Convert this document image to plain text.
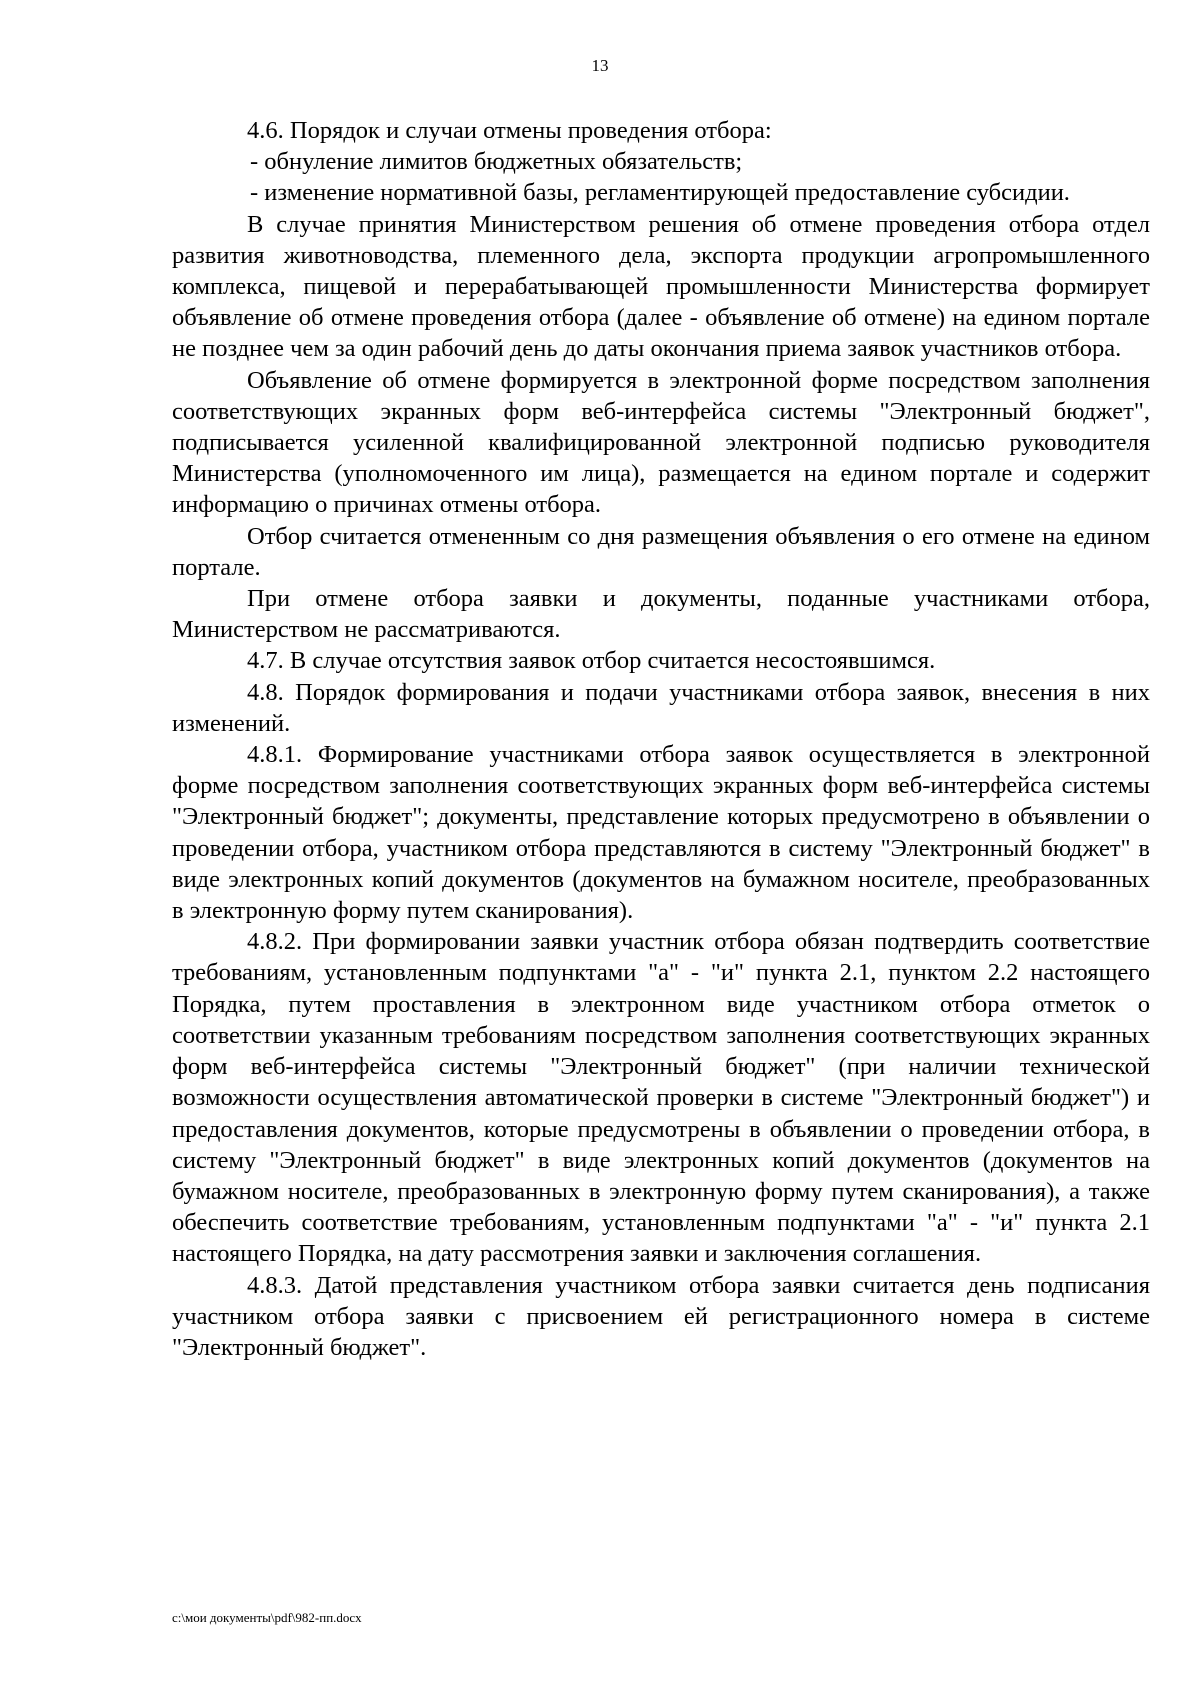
13

4.6. Порядок и случаи отмены проведения отбора:

- обнуление лимитов бюджетных обязательств;

- изменение нормативной базы, регламентирующей предоставление субсидии.

В случае принятия Министерством решения об отмене проведения отбора отдел развития животноводства, племенного дела, экспорта продукции агропромышленного комплекса, пищевой и перерабатывающей промышленности Министерства формирует объявление об отмене проведения отбора (далее - объявление об отмене) на едином портале не позднее чем за один рабочий день до даты окончания приема заявок участников отбора.

Объявление об отмене формируется в электронной форме посредством заполнения соответствующих экранных форм веб-интерфейса системы "Электронный бюджет", подписывается усиленной квалифицированной электронной подписью руководителя Министерства (уполномоченного им лица), размещается на едином портале и содержит информацию о причинах отмены отбора.

Отбор считается отмененным со дня размещения объявления о его отмене на едином портале.

При отмене отбора заявки и документы, поданные участниками отбора, Министерством не рассматриваются.

4.7. В случае отсутствия заявок отбор считается несостоявшимся.

4.8. Порядок формирования и подачи участниками отбора заявок, внесения в них изменений.

4.8.1. Формирование участниками отбора заявок осуществляется в электронной форме посредством заполнения соответствующих экранных форм веб-интерфейса системы "Электронный бюджет"; документы, представление которых предусмотрено в объявлении о проведении отбора, участником отбора представляются в систему "Электронный бюджет" в виде электронных копий документов (документов на бумажном носителе, преобразованных в электронную форму путем сканирования).

4.8.2. При формировании заявки участник отбора обязан подтвердить соответствие требованиям, установленным подпунктами "а" - "и" пункта 2.1, пунктом 2.2 настоящего Порядка, путем проставления в электронном виде участником отбора отметок о соответствии указанным требованиям посредством заполнения соответствующих экранных форм веб-интерфейса системы "Электронный бюджет" (при наличии технической возможности осуществления автоматической проверки в системе "Электронный бюджет") и предоставления документов, которые предусмотрены в объявлении о проведении отбора, в систему "Электронный бюджет" в виде электронных копий документов (документов на бумажном носителе, преобразованных в электронную форму путем сканирования), а также обеспечить соответствие требованиям, установленным подпунктами "а" - "и" пункта 2.1 настоящего Порядка, на дату рассмотрения заявки и заключения соглашения.

4.8.3. Датой представления участником отбора заявки считается день подписания участником отбора заявки с присвоением ей регистрационного номера в системе "Электронный бюджет".

c:\мои документы\pdf\982-пп.docx
